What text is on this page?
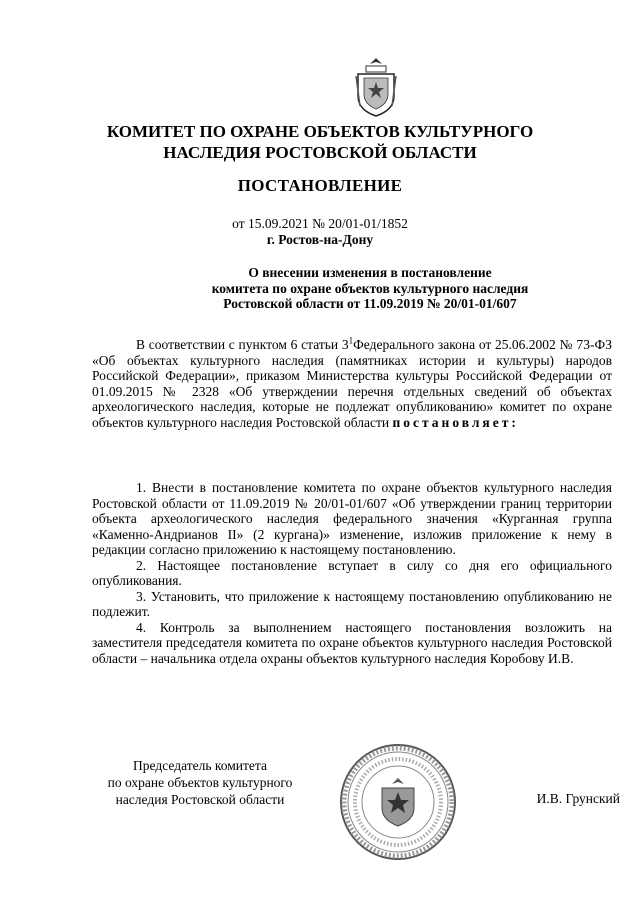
КОМИТЕТ ПО ОХРАНЕ ОБЪЕКТОВ КУЛЬТУРНОГО
НАСЛЕДИЯ РОСТОВСКОЙ ОБЛАСТИ
ПОСТАНОВЛЕНИЕ
от 15.09.2021 № 20/01-01/1852
г. Ростов-на-Дону
О внесении изменения в постановление
комитета по охране объектов культурного наследия
Ростовской области от 11.09.2019 № 20/01-01/607
В соответствии с пунктом 6 статьи $3^1Федерального$ закона от 25.06.2002 № 73-ФЗ «Об объектах культурного наследия (памятниках истории и культуры) народов Российской Федерации», приказом Министерства культуры Российской Федерации от 01.09.2015 № 2328 «Об утверждении перечня отдельных сведений об объектах археологического наследия, которые не подлежат опубликованию» комитет по охране объектов культурного наследия Ростовской области постановляет:

1. Внести в постановление комитета по охране объектов культурного наследия Ростовской области от 11.09.2019 № 20/01-01/607 «Об утверждении границ территории объекта археологического наследия федерального значения «Курганная группа «Каменно-Андрианов II» (2 кургана)» изменение, изложив приложение к нему в редакции согласно приложению к настоящему постановлению.

2. Настоящее постановление вступает в силу со дня его официального опубликования.

3. Установить, что приложение к настоящему постановлению опубликованию не подлежит.

4. Контроль за выполнением настоящего постановления возложить на заместителя председателя комитета по охране объектов культурного наследия Ростовской области – начальника отдела охраны объектов культурного наследия Коробову И.В.

Председатель комитета
по охране объектов культурного
наследия Ростовской области	И.В. Грунский
